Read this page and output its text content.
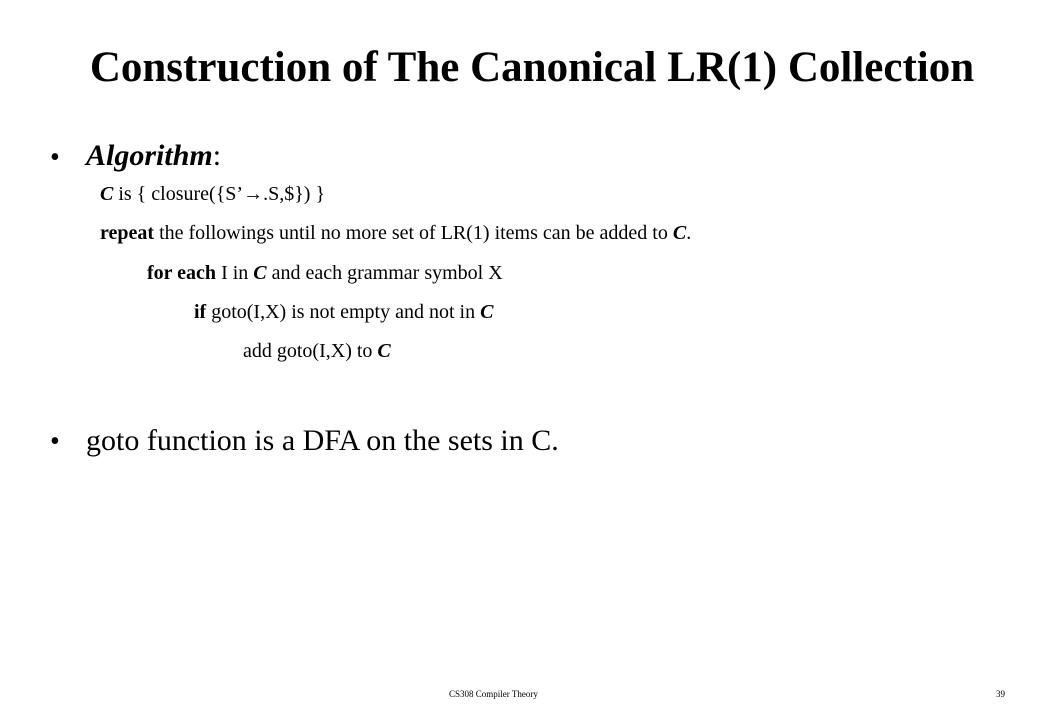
Construction of The Canonical LR(1) Collection
• Algorithm:
C is { closure({S’→.S,$}) }
repeat the followings until no more set of LR(1) items can be added to C.
for each I in C and each grammar symbol X
if goto(I,X) is not empty and not in C
add goto(I,X) to C
• goto function is a DFA on the sets in C.
CS308 Compiler Theory	39
